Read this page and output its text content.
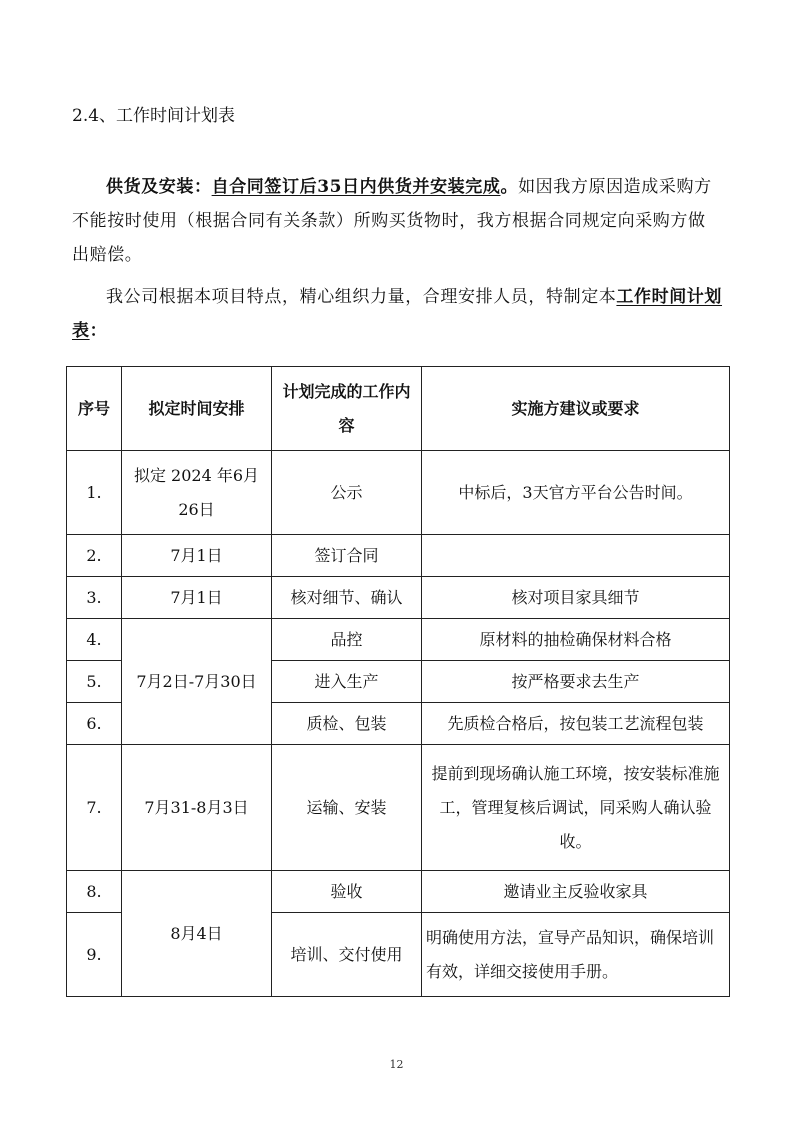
2.4、工作时间计划表
供货及安装：自合同签订后35日内供货并安装完成。如因我方原因造成采购方不能按时使用（根据合同有关条款）所购买货物时，我方根据合同规定向采购方做出赔偿。
我公司根据本项目特点，精心组织力量，合理安排人员，特制定本工作时间计划表：
序号	拟定时间安排	计划完成的工作内容	实施方建议或要求
1.	拟定 2024 年6月26日	公示	中标后，3天官方平台公告时间。
2.	7月1日	签订合同	
3.	7月1日	核对细节、确认	核对项目家具细节
4.	7月2日-7月30日	品控	原材料的抽检确保材料合格
5.		进入生产	按严格要求去生产
6.		质检、包装	先质检合格后，按包装工艺流程包装
7.	7月31-8月3日	运输、安装	提前到现场确认施工环境，按安装标准施工，管理复核后调试，同采购人确认验收。
8.	8月4日	验收	邀请业主反验收家具
9.		培训、交付使用	明确使用方法，宣导产品知识，确保培训有效，详细交接使用手册。
12
